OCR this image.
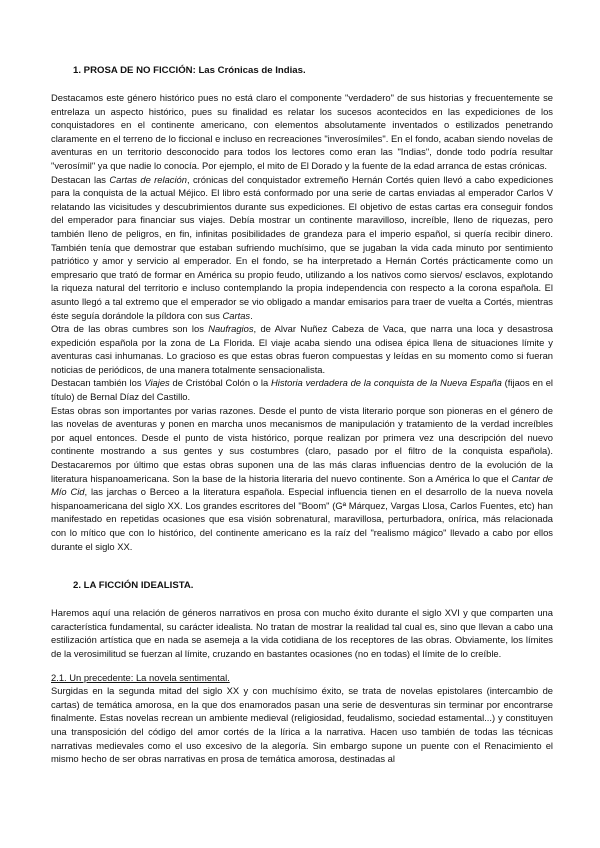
1. PROSA DE NO FICCIÓN: Las Crónicas de Indias.

Destacamos este género histórico pues no está claro el componente "verdadero" de sus historias y frecuentemente se entrelaza un aspecto histórico, pues su finalidad es relatar los sucesos acontecidos en las expediciones de los conquistadores en el continente americano, con elementos absolutamente inventados o estilizados penetrando claramente en el terreno de lo ficcional e incluso en recreaciones "inverosímiles". En el fondo, acaban siendo novelas de aventuras en un territorio desconocido para todos los lectores como eran las "Indias", donde todo podría resultar "verosímil" ya que nadie lo conocía. Por ejemplo, el mito de El Dorado y la fuente de la edad arranca de estas crónicas.

Destacan las Cartas de relación, crónicas del conquistador extremeño Hernán Cortés quien llevó a cabo expediciones para la conquista de la actual Méjico. El libro está conformado por una serie de cartas enviadas al emperador Carlos V relatando las vicisitudes y descubrimientos durante sus expediciones. El objetivo de estas cartas era conseguir fondos del emperador para financiar sus viajes. Debía mostrar un continente maravilloso, increíble, lleno de riquezas, pero también lleno de peligros, en fin, infinitas posibilidades de grandeza para el imperio español, si quería recibir dinero. También tenía que demostrar que estaban sufriendo muchísimo, que se jugaban la vida cada minuto por sentimiento patriótico y amor y servicio al emperador. En el fondo, se ha interpretado a Hernán Cortés prácticamente como un empresario que trató de formar en América su propio feudo, utilizando a los nativos como siervos/ esclavos, explotando la riqueza natural del territorio e incluso contemplando la propia independencia con respecto a la corona española. El asunto llegó a tal extremo que el emperador se vio obligado a mandar emisarios para traer de vuelta a Cortés, mientras éste seguía dorándole la píldora con sus Cartas.

Otra de las obras cumbres son los Naufragios, de Alvar Nuñez Cabeza de Vaca, que narra una loca y desastrosa expedición española por la zona de La Florida. El viaje acaba siendo una odisea épica llena de situaciones límite y aventuras casi inhumanas. Lo gracioso es que estas obras fueron compuestas y leídas en su momento como si fueran noticias de periódicos, de una manera totalmente sensacionalista.

Destacan también los Viajes de Cristóbal Colón o la Historia verdadera de la conquista de la Nueva España (fijaos en el título) de Bernal Díaz del Castillo.

Estas obras son importantes por varias razones. Desde el punto de vista literario porque son pioneras en el género de las novelas de aventuras y ponen en marcha unos mecanismos de manipulación y tratamiento de la verdad increíbles por aquel entonces. Desde el punto de vista histórico, porque realizan por primera vez una descripción del nuevo continente mostrando a sus gentes y sus costumbres (claro, pasado por el filtro de la conquista española). Destacaremos por último que estas obras suponen una de las más claras influencias dentro de la evolución de la literatura hispanoamericana. Son la base de la historia literaria del nuevo continente. Son a América lo que el Cantar de Mío Cid, las jarchas o Berceo a la literatura española. Especial influencia tienen en el desarrollo de la nueva novela hispanoamericana del siglo XX. Los grandes escritores del "Boom" (Gª Márquez, Vargas Llosa, Carlos Fuentes, etc) han manifestado en repetidas ocasiones que esa visión sobrenatural, maravillosa, perturbadora, onírica, más relacionada con lo mítico que con lo histórico, del continente americano es la raíz del "realismo mágico" llevado a cabo por ellos durante el siglo XX.

2. LA FICCIÓN IDEALISTA.

Haremos aquí una relación de géneros narrativos en prosa con mucho éxito durante el siglo XVI y que comparten una característica fundamental, su carácter idealista. No tratan de mostrar la realidad tal cual es, sino que llevan a cabo una estilización artística que en nada se asemeja a la vida cotidiana de los receptores de las obras. Obviamente, los límites de la verosimilitud se fuerzan al límite, cruzando en bastantes ocasiones (no en todas) el límite de lo creíble.

2.1. Un precedente: La novela sentimental.

Surgidas en la segunda mitad del siglo XX y con muchísimo éxito, se trata de novelas epistolares (intercambio de cartas) de temática amorosa, en la que dos enamorados pasan una serie de desventuras sin terminar por encontrarse finalmente. Estas novelas recrean un ambiente medieval (religiosidad, feudalismo, sociedad estamental...) y constituyen una transposición del código del amor cortés de la lírica a la narrativa. Hacen uso también de todas las técnicas narrativas medievales como el uso excesivo de la alegoría. Sin embargo supone un puente con el Renacimiento el mismo hecho de ser obras narrativas en prosa de temática amorosa, destinadas al
